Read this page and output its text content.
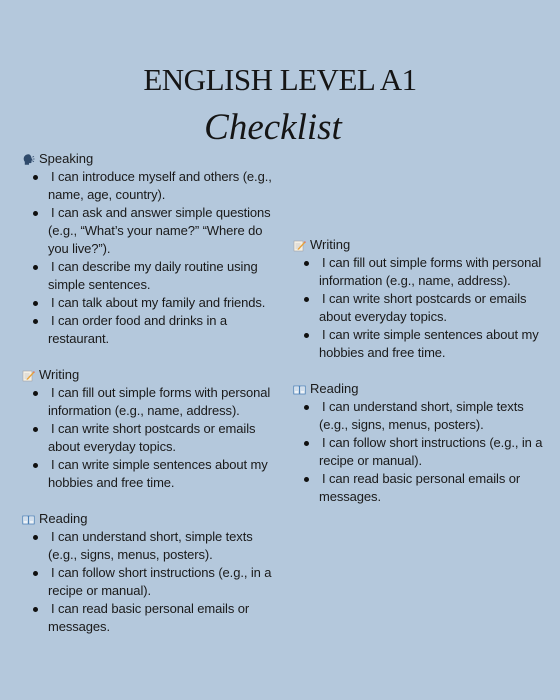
ENGLISH LEVEL A1
Checklist
Speaking
I can introduce myself and others (e.g., name, age, country).
I can ask and answer simple questions (e.g., “What’s your name?” “Where do you live?”).
I can describe my daily routine using simple sentences.
I can talk about my family and friends.
I can order food and drinks in a restaurant.
Writing
I can fill out simple forms with personal information (e.g., name, address).
I can write short postcards or emails about everyday topics.
I can write simple sentences about my hobbies and free time.
Reading
I can understand short, simple texts (e.g., signs, menus, posters).
I can follow short instructions (e.g., in a recipe or manual).
I can read basic personal emails or messages.
Writing
I can fill out simple forms with personal information (e.g., name, address).
I can write short postcards or emails about everyday topics.
I can write simple sentences about my hobbies and free time.
Reading
I can understand short, simple texts (e.g., signs, menus, posters).
I can follow short instructions (e.g., in a recipe or manual).
I can read basic personal emails or messages.
